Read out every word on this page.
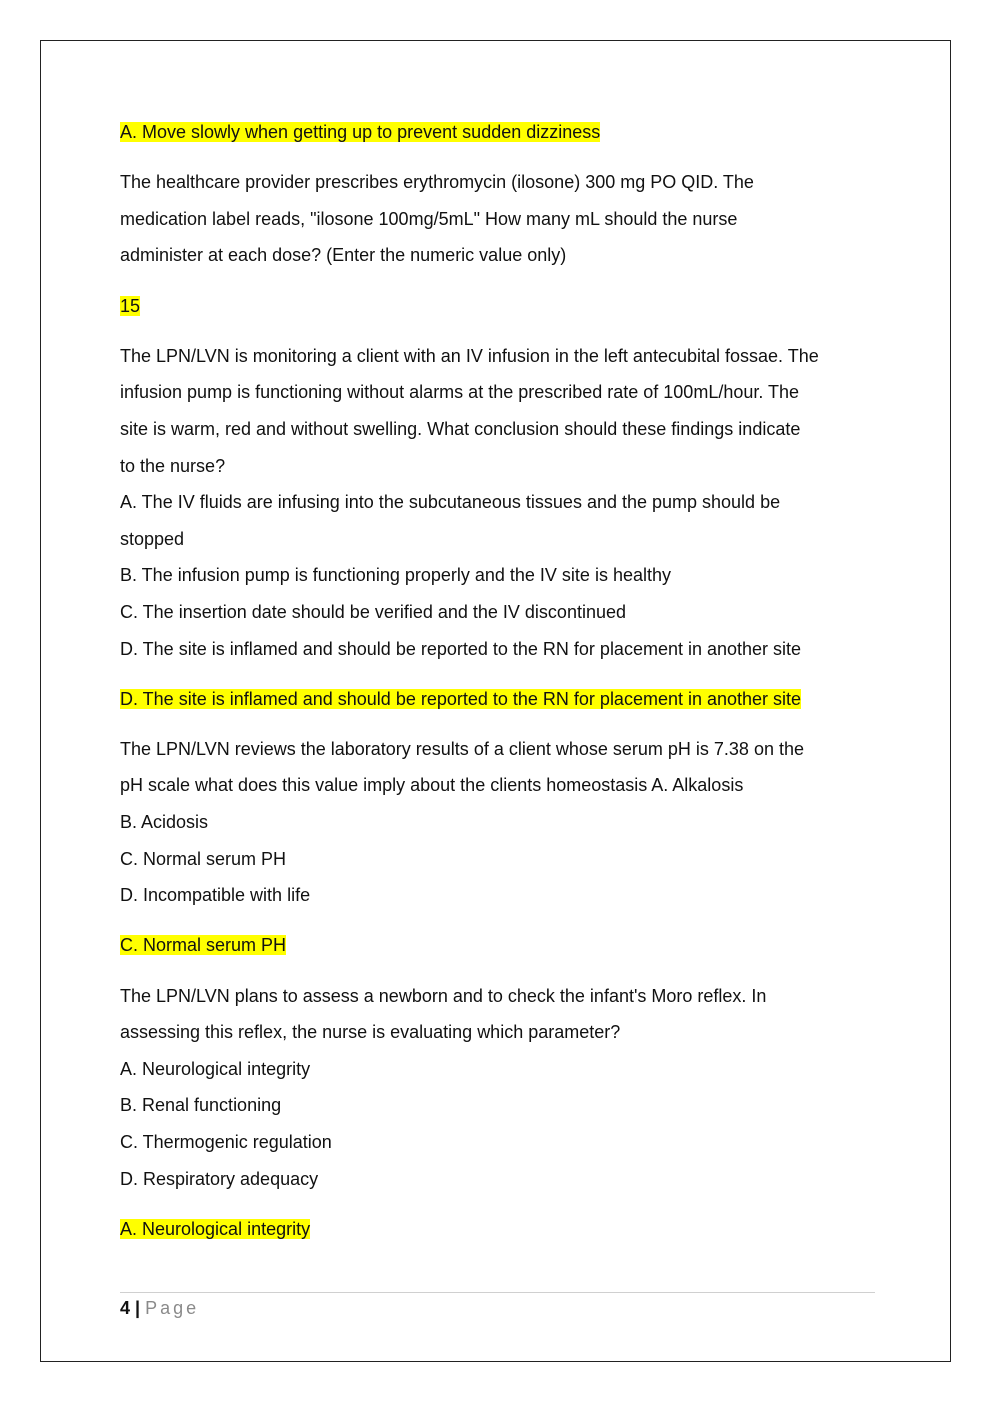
A. Move slowly when getting up to prevent sudden dizziness

The healthcare provider prescribes erythromycin (ilosone) 300 mg PO QID. The
medication label reads, "ilosone 100mg/5mL" How many mL should the nurse
administer at each dose? (Enter the numeric value only)

15

The LPN/LVN is monitoring a client with an IV infusion in the left antecubital fossae. The
infusion pump is functioning without alarms at the prescribed rate of 100mL/hour. The
site is warm, red and without swelling. What conclusion should these findings indicate
to the nurse?
A. The IV fluids are infusing into the subcutaneous tissues and the pump should be
stopped
B. The infusion pump is functioning properly and the IV site is healthy
C. The insertion date should be verified and the IV discontinued
D. The site is inflamed and should be reported to the RN for placement in another site

D. The site is inflamed and should be reported to the RN for placement in another site

The LPN/LVN reviews the laboratory results of a client whose serum pH is 7.38 on the
pH scale what does this value imply about the clients homeostasis A. Alkalosis
B. Acidosis
C. Normal serum PH
D. Incompatible with life

C. Normal serum PH

The LPN/LVN plans to assess a newborn and to check the infant's Moro reflex. In
assessing this reflex, the nurse is evaluating which parameter?
A. Neurological integrity
B. Renal functioning
C. Thermogenic regulation
D. Respiratory adequacy

A. Neurological integrity

4 | Page
